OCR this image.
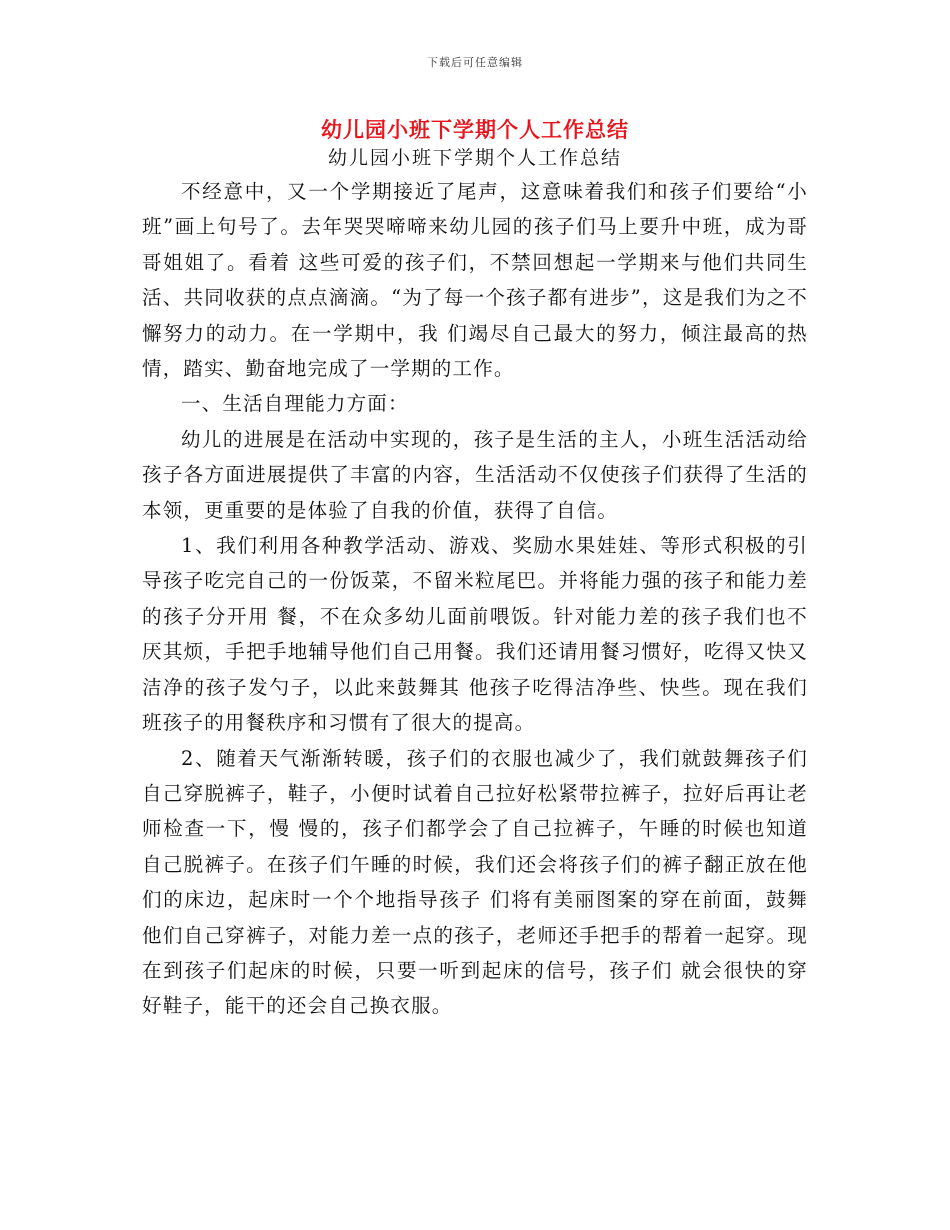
下载后可任意编辑
幼儿园小班下学期个人工作总结
幼儿园小班下学期个人工作总结

不经意中，又一个学期接近了尾声，这意味着我们和孩子们要给“小班”画上句号了。去年哭哭啼啼来幼儿园的孩子们马上要升中班，成为哥哥姐姐了。看着 这些可爱的孩子们，不禁回想起一学期来与他们共同生活、共同收获的点点滴滴。“为了每一个孩子都有进步”，这是我们为之不懈努力的动力。在一学期中，我 们竭尽自己最大的努力，倾注最高的热情，踏实、勤奋地完成了一学期的工作。

一、生活自理能力方面：

幼儿的进展是在活动中实现的，孩子是生活的主人，小班生活活动给孩子各方面进展提供了丰富的内容，生活活动不仅使孩子们获得了生活的本领，更重要的是体验了自我的价值，获得了自信。

1、我们利用各种教学活动、游戏、奖励水果娃娃、等形式积极的引导孩子吃完自己的一份饭菜，不留米粒尾巴。并将能力强的孩子和能力差的孩子分开用 餐，不在众多幼儿面前喂饭。针对能力差的孩子我们也不厌其烦，手把手地辅导他们自己用餐。我们还请用餐习惯好，吃得又快又洁净的孩子发勺子，以此来鼓舞其 他孩子吃得洁净些、快些。现在我们班孩子的用餐秩序和习惯有了很大的提高。

2、随着天气渐渐转暖，孩子们的衣服也减少了，我们就鼓舞孩子们自己穿脱裤子，鞋子，小便时试着自己拉好松紧带拉裤子，拉好后再让老师检查一下，慢 慢的，孩子们都学会了自己拉裤子，午睡的时候也知道自己脱裤子。在孩子们午睡的时候，我们还会将孩子们的裤子翻正放在他们的床边，起床时一个个地指导孩子 们将有美丽图案的穿在前面，鼓舞他们自己穿裤子，对能力差一点的孩子，老师还手把手的帮着一起穿。现在到孩子们起床的时候，只要一听到起床的信号，孩子们 就会很快的穿好鞋子，能干的还会自己换衣服。
